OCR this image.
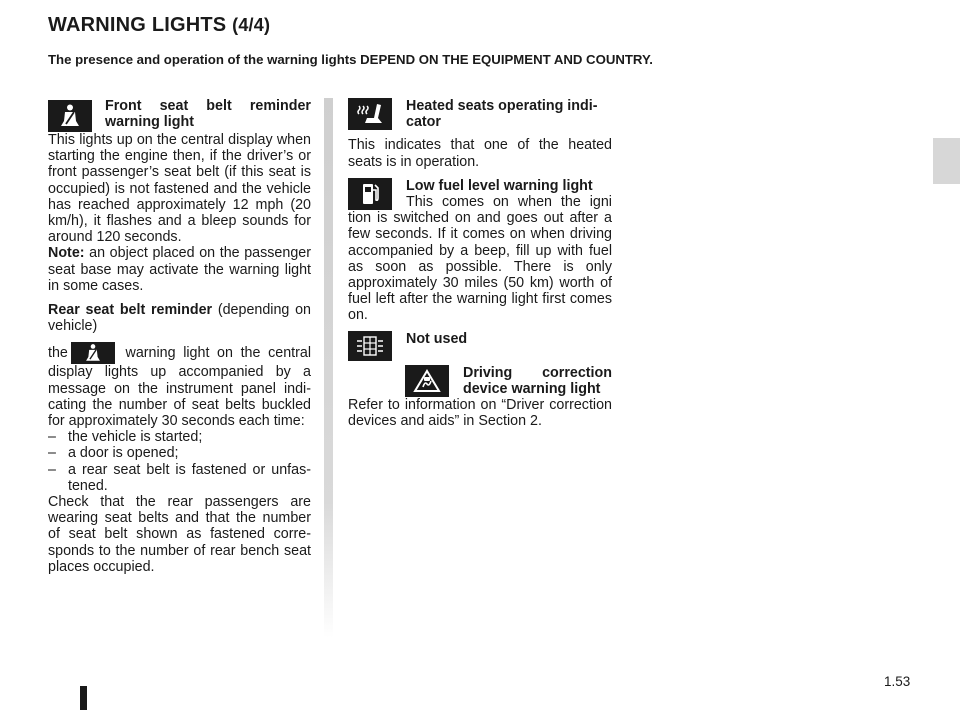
WARNING LIGHTS (4/4)
The presence and operation of the warning lights DEPEND ON THE EQUIPMENT AND COUNTRY.
Front seat belt reminder
warning light

This lights up on the central display when starting the engine then, if the driver’s or front passenger’s seat belt (if this seat is occupied) is not fastened and the vehicle has reached approximately 12 mph (20 km/h), it flashes and a bleep sounds for around 120 seconds.

Note: an object placed on the passenger seat base may activate the warning light in some cases.

Rear seat belt reminder (depending on vehicle)

the	warning light on the central display lights up accompanied by a message on the instrument panel indicating the number of seat belts buckled for approximately 30 seconds each time:

– the vehicle is started;
– a door is opened;
– a rear seat belt is fastened or unfastened.

Check that the rear passengers are wearing seat belts and that the number of seat belt shown as fastened corresponds to the number of rear bench seat places occupied.

Heated seats operating indicator

This indicates that one of the heated seats is in operation.

Low fuel level warning light
This comes on when the igni

tion is switched on and goes out after a few seconds. If it comes on when driving accompanied by a beep, fill up with fuel as soon as possible. There is only approximately 30 miles (50 km) worth of fuel left after the warning light first comes on.

Not used
Driving correction
device warning light

Refer to information on “Driver correction devices and aids” in Section 2.

1.53
